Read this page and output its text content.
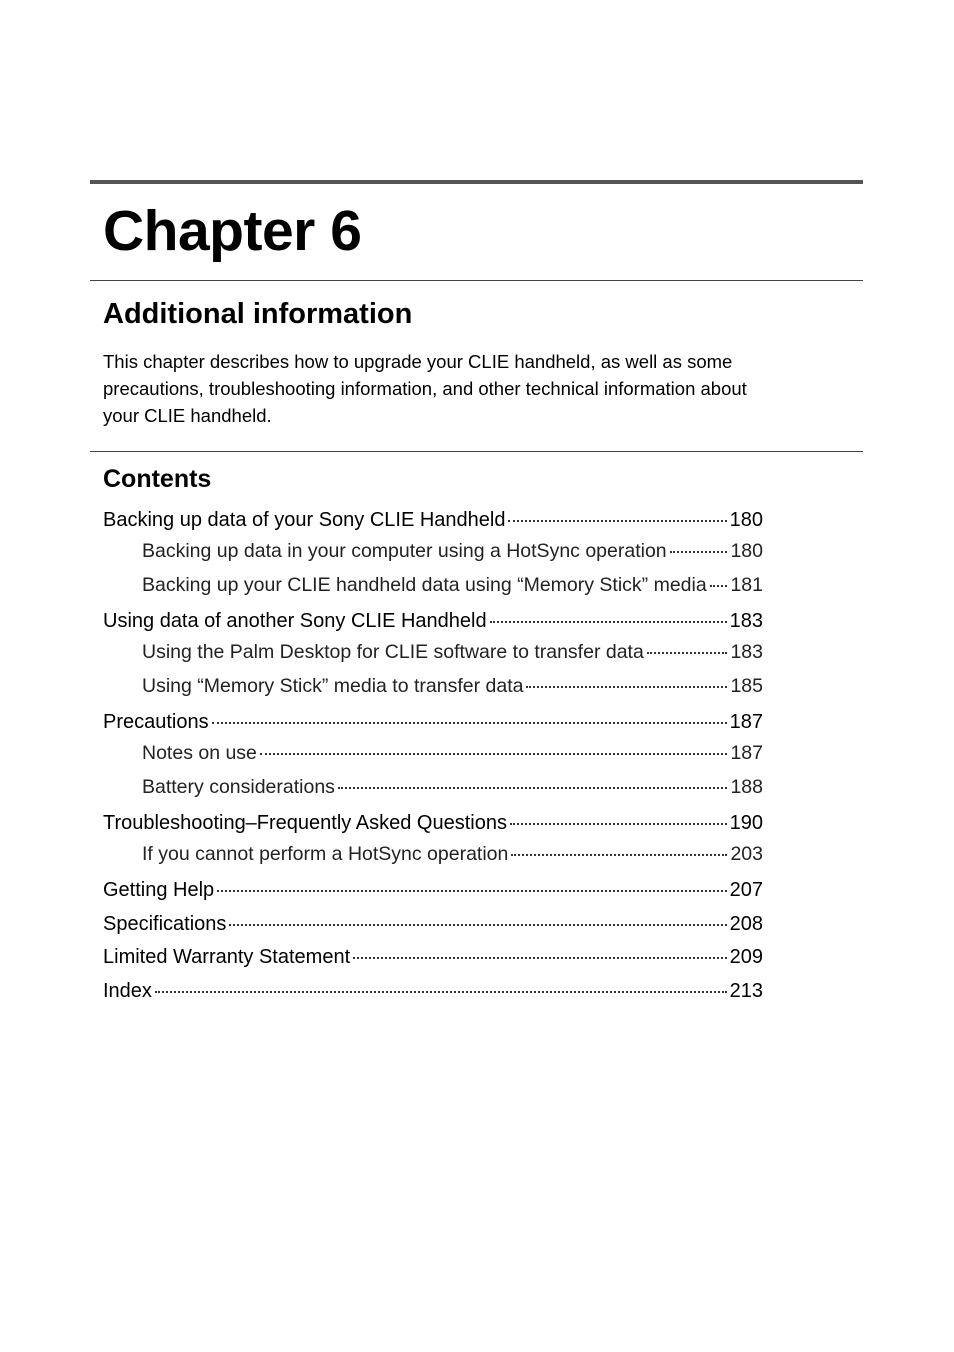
Chapter 6
Additional information

This chapter describes how to upgrade your CLIE handheld, as well as some precautions, troubleshooting information, and other technical information about your CLIE handheld.

Contents
Backing up data of your Sony CLIE Handheld	180
Backing up data in your computer using a HotSync operation	180
Backing up your CLIE handheld data using “Memory Stick” media 181
Using data of another Sony CLIE Handheld	183
Using the Palm Desktop for CLIE software to transfer data	183
Using “Memory Stick” media to transfer data	185
Precautions	187
Notes on use	187
Battery considerations	188
Troubleshooting–Frequently Asked Questions	190
If you cannot perform a HotSync operation	203
Getting Help	207
Specifications	208
Limited Warranty Statement	209
Index	213
